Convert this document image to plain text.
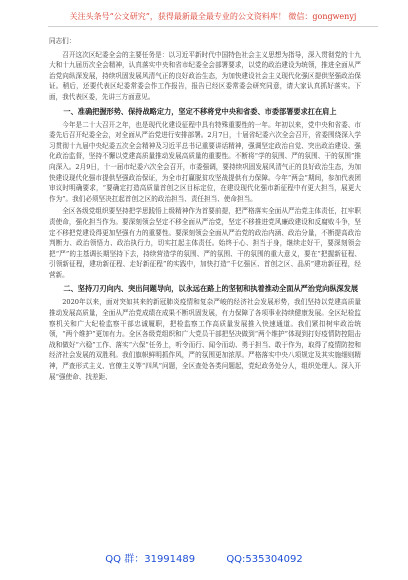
关注头条号“公文研究”，获得最新最全最专业的公文资料库！ 微信：gongwenyj

同志们：

召开这次区纪委全会的主要任务是：以习近平新时代中国特色社会主义思想为指导，深入贯彻党的十九大和十九届历次全会精神，认真落实中央和省市纪委全会部署要求，以党的政治建设为统领，推进全面从严治党向纵深发展，持续巩固发展风清气正的良好政治生态，为加快建设社会主义现代化强区提供坚强政治保证。稍后，还要代表区纪委常委会作工作报告，报告已经区委常委会研究同意，请大家认真抓好落实。下面，我代表区委，先讲三方面意见。

一、准确把握形势、保持战略定力，坚定不移将党中央和省委、市委部署要求扛在肩上

今年是二十大召开之年，也是现代化建设征程中具有特殊重要性的一年。年初以来，党中央和省委、市委先后召开纪委全会，对全面从严治党进行安排部署。2月7日，十届省纪委六次全会召开，省委围绕深入学习贯彻十九届中央纪委五次全会精神及习近平总书记重要讲话精神，强调坚定政治自觉、突出政治建设、强化政治监督，坚持不懈以党建高质量推动发展高质量的重要性。不断将“学的氛围、严的氛围、干的氛围”推向深入。2月9日，十一届市纪委六次全会召开，市委强调，要持续巩固发展风清气正的良好政治生态，为加快建设现代化强市提供坚强政治保证，为全市打赢脱贫攻坚战提供有力保障。今年“两会”期间，参加代表团审议时明确要求，“要确定打造高质量首创之区目标定位，在建设现代化强市新征程中有更大担当，展更大作为”。我们必须坚决扛起首创之区的政治担当、责任担当、使命担当。

全区各级党组织要坚持把学思践悟上级精神作为首要前提，把严格落实全面从严治党主体责任，扛牢职责使命，强化担当作为。要深刻领会坚定不移全面从严治党，坚定不移推进党风廉政建设和反腐败斗争，坚定不移把党建设得更加坚强有力的重要性。要深刻领会全面从严治党的政治内涵、政治分量，不断提高政治判断力、政治领悟力、政治执行力，切实扛起主体责任。始终于心、担当于身，继续走好干，要深刻领会把“严”的主基调长期坚持下去，持续营造学的氛围、严的氛围、干的氛围的重大意义，要在“把握新征程、引领新征程，建功新征程、走好新征程”的实践中，加快打造“千亿强区、首创之区、品质”建功新征程，经营新。

二、坚持刀刃向内、突出问题导向，以永远在路上的坚韧和执着推动全面从严治党向纵深发展

2020年以来，面对突如其来的新冠肺炎疫情和复杂严峻的经济社会发展形势，我们坚持以党建高质量推动发展高质量，全面从严治党成绩在成果不断巩固发展，有力保障了各项事业持续健康发展。全区纪检监察机关和广大纪检监察干部忠诚履职，把检监察工作高质量发展推入快速通道。我们紧扣树牢政治统领，“两个维护”更加有力。全区各级党组织和广大党员干部把坚决做到“两个维护”体现到打好疫情防控阻击战和做好“六稳”工作、落实“六保”任务上，听令而行、闻令而动、勇于担当、敢于作为，取得了疫情防控和经济社会发展的双胜利。我们旗帜鲜明抓作风，严的氛围更加浓厚。严格落实中央八项规定及其实施细则精神，严查形式主义、官僚主义等“四风”问题，全区查处各类问题起，党纪政务处分人，组织处理人。深入开展“强使命、找差距、

QQ 群：31991489	QQ:535304092
